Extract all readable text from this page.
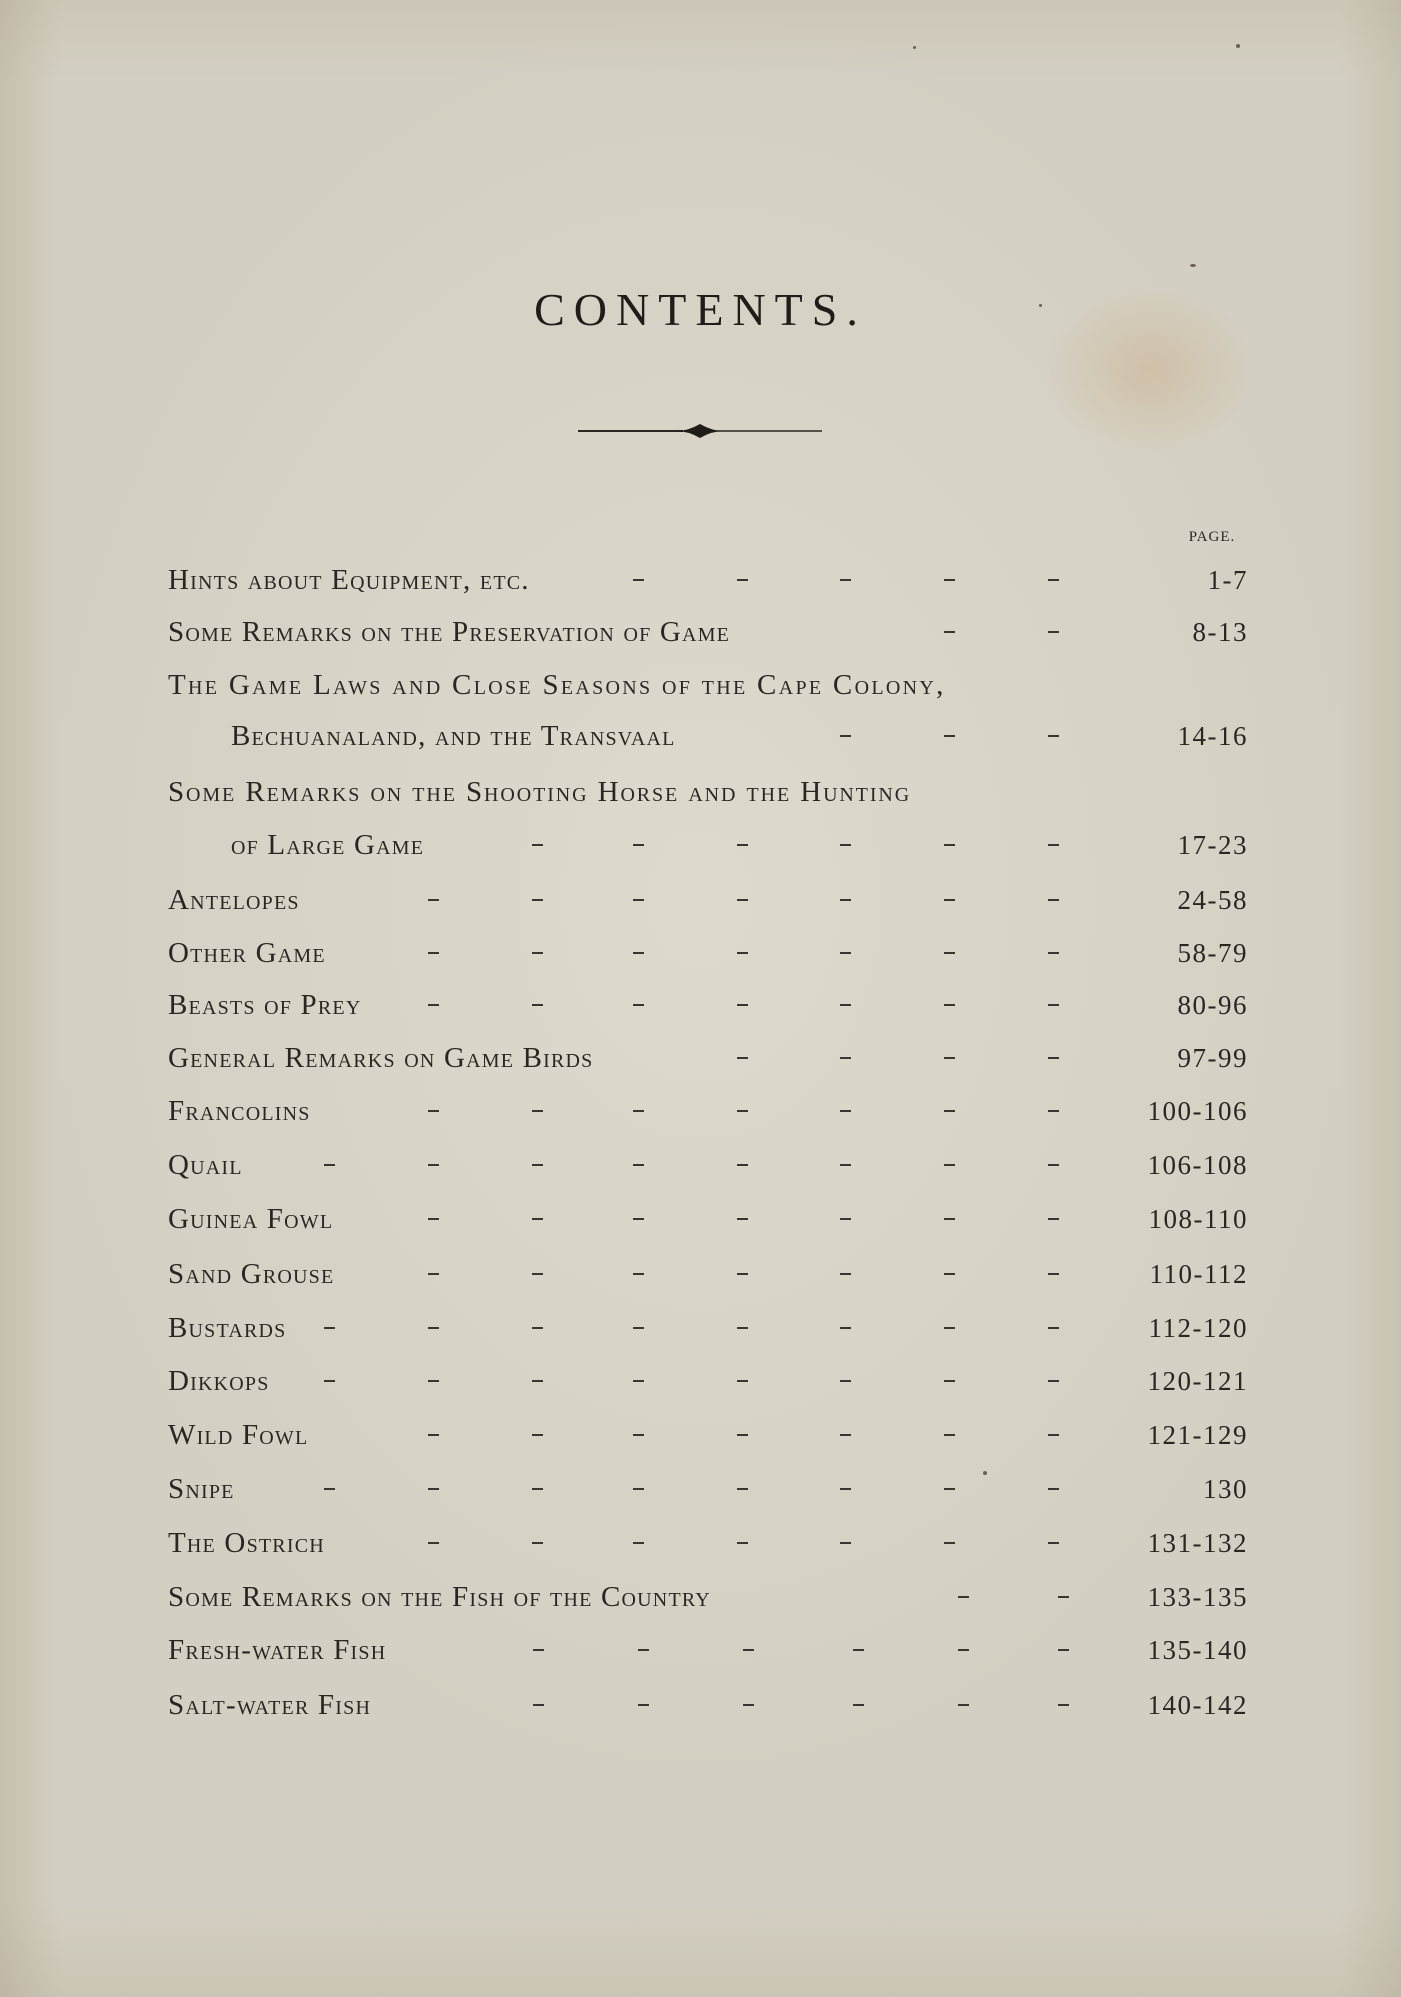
CONTENTS.
PAGE.
Hints about Equipment, etc.	1-7
Some Remarks on the Preservation of Game	8-13
The Game Laws and Close Seasons of the Cape Colony,
Bechuanaland, and the Transvaal	14-16
Some Remarks on the Shooting Horse and the Hunting
of Large Game	17-23
Antelopes	24-58
Other Game	58-79
Beasts of Prey	80-96
General Remarks on Game Birds	97-99
Francolins	100-106
Quail	106-108
Guinea Fowl	108-110
Sand Grouse	110-112
Bustards	112-120
Dikkops	120-121
Wild Fowl	121-129
Snipe	130
The Ostrich	131-132
Some Remarks on the Fish of the Country	133-135
Fresh-water Fish	135-140
Salt-water Fish	140-142
